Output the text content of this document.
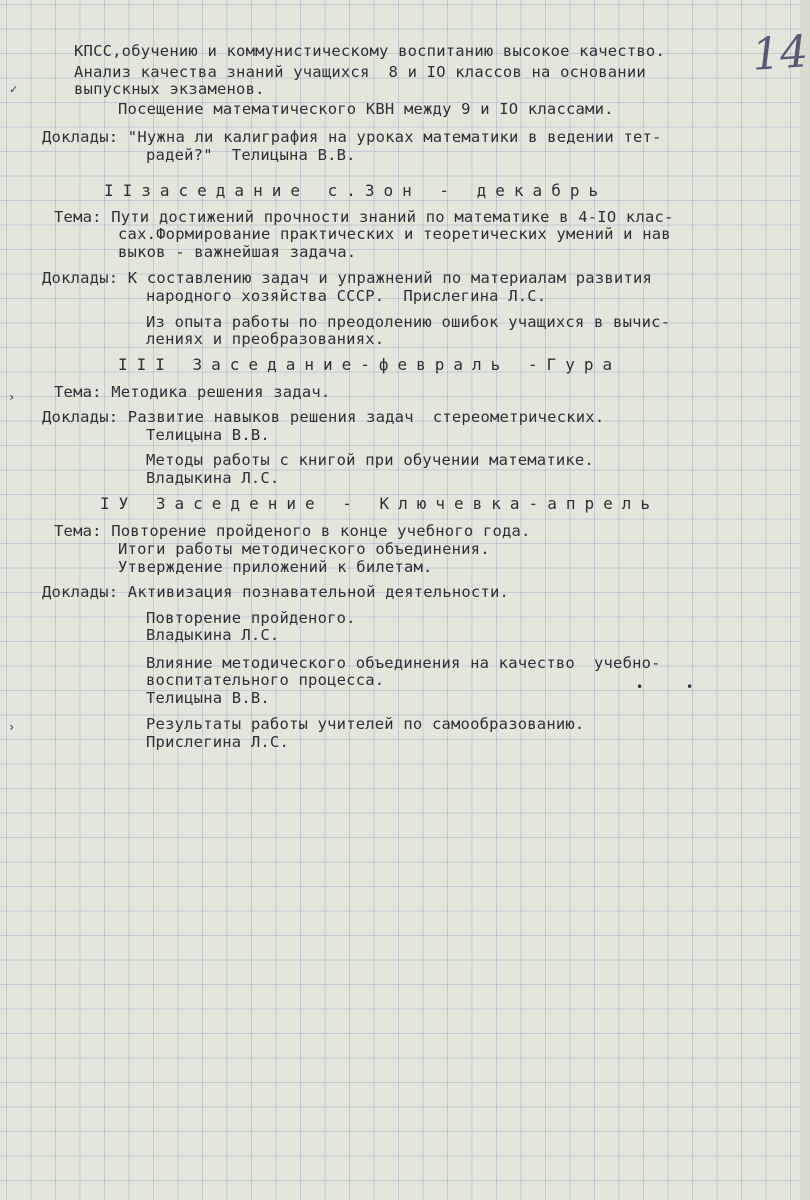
14
✓
›
›
•	•
КПСС,обучению и коммунистическому воспитанию высокое качество.
Анализ качества знаний учащихся  8 и IO классов на основании
выпускных экзаменов.
Посещение математического КВН между 9 и IO классами.
Доклады: "Нужна ли калиграфия на уроках математики в ведении тет-
радей?"  Телицына В.В.
IIзаседание с.Зон - декабрь
Тема: Пути достижений прочности знаний по математике в 4-IO клас-
сах.Формирование практических и теоретических умений и нав
выков - важнейшая задача.
Доклады: К составлению задач и упражнений по материалам развития
народного хозяйства СССР.  Прислегина Л.С.
Из опыта работы по преодолению ошибок учащихся в вычис-
лениях и преобразованиях.
III Заседание-февраль -Гура
Тема: Методика решения задач.
Доклады: Развитие навыков решения задач  стереометрических.
Телицына В.В.
Методы работы с книгой при обучении математике.
Владыкина Л.С.
IУ Заседение - Ключевка-апрель
Тема: Повторение пройденого в конце учебного года.
Итоги работы методического объединения.
Утверждение приложений к билетам.
Доклады: Активизация познавательной деятельности.
Повторение пройденого.
Владыкина Л.С.
Влияние методического объединения на качество  учебно-
воспитательного процесса.
Телицына В.В.
Результаты работы учителей по самообразованию.
Прислегина Л.С.
